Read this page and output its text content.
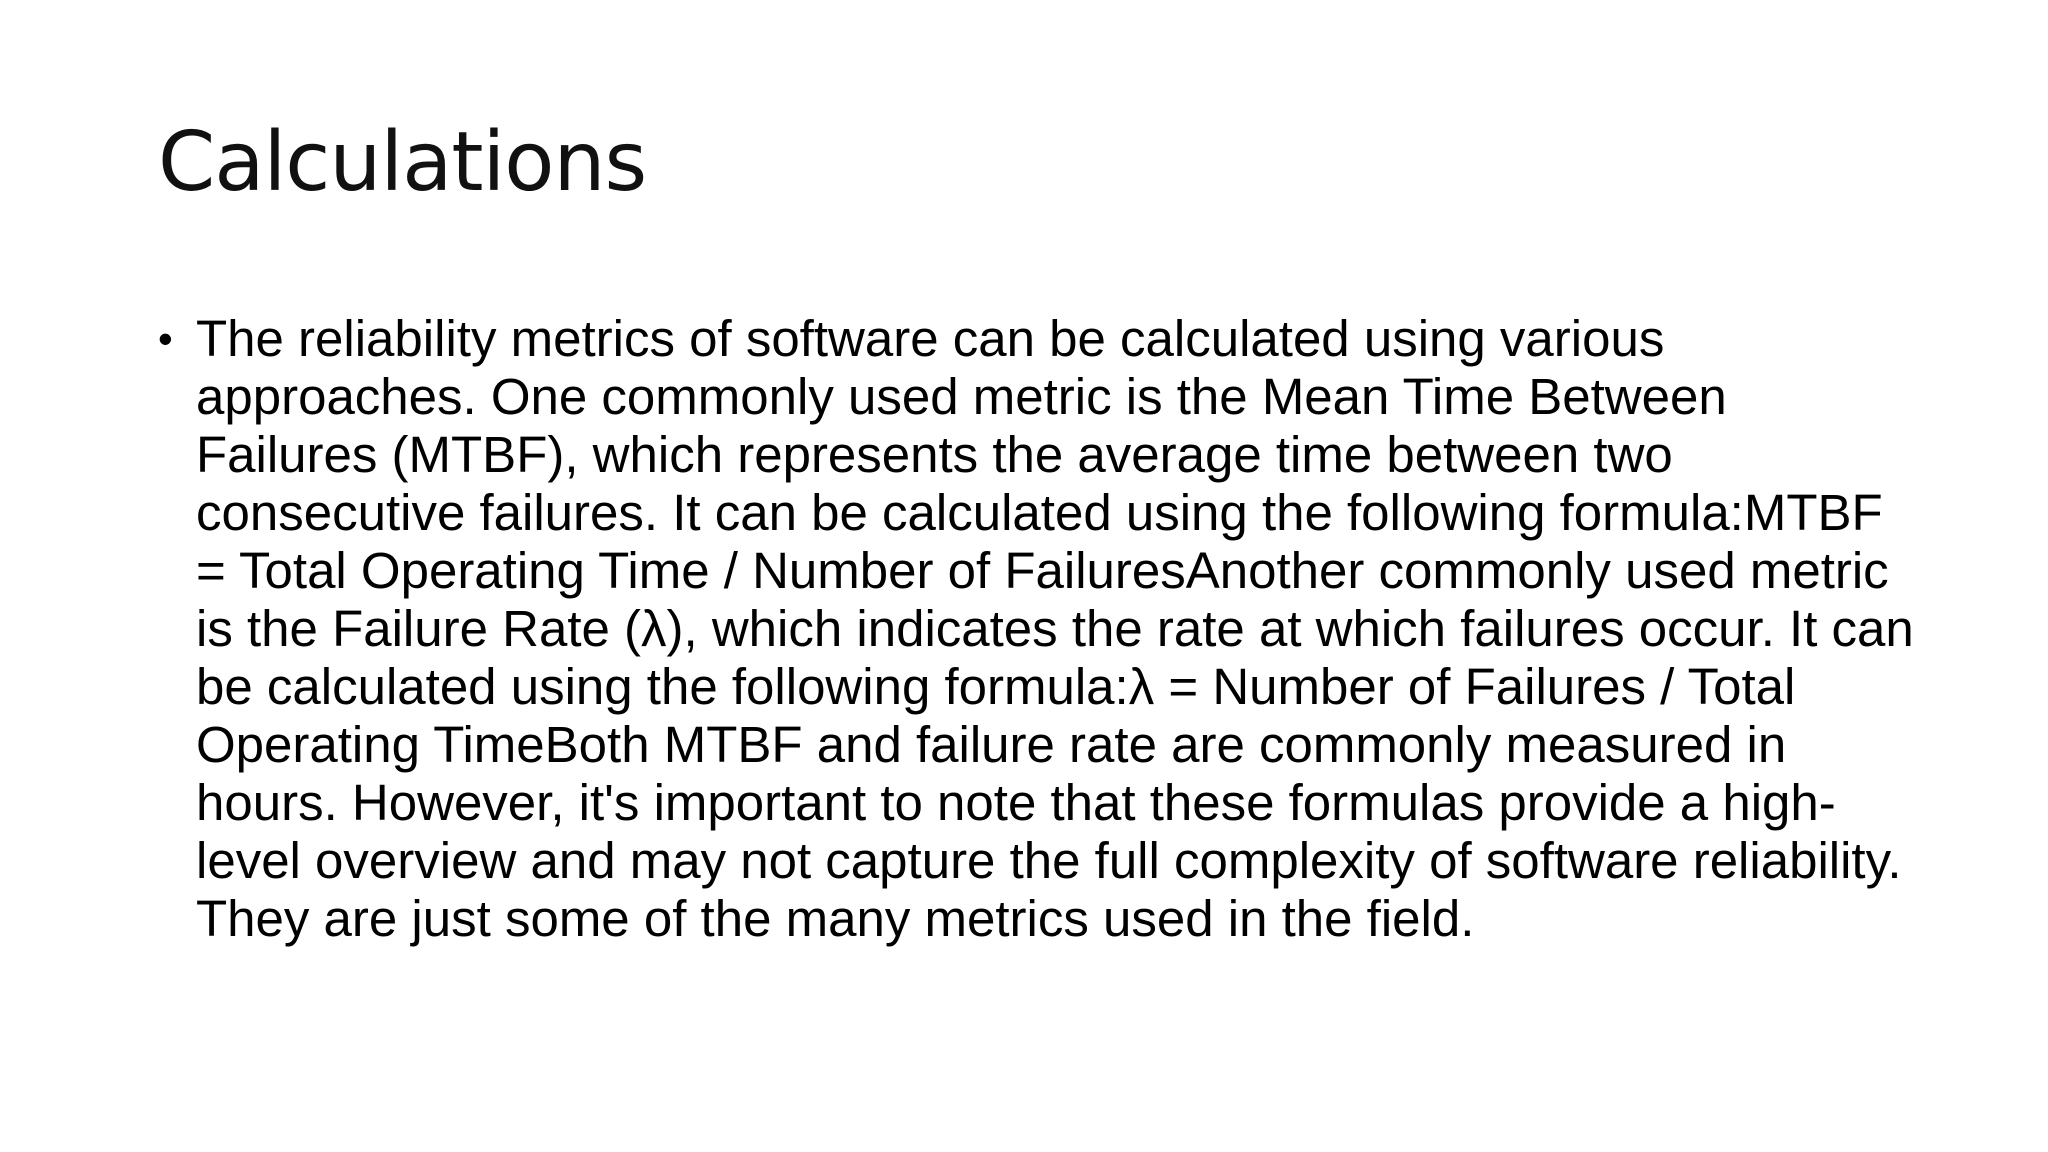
Calculations
• The reliability metrics of software can be calculated using various approaches. One commonly used metric is the Mean Time Between Failures (MTBF), which represents the average time between two consecutive failures. It can be calculated using the following formula:MTBF = Total Operating Time / Number of FailuresAnother commonly used metric is the Failure Rate (λ), which indicates the rate at which failures occur. It can be calculated using the following formula:λ = Number of Failures / Total Operating TimeBoth MTBF and failure rate are commonly measured in hours. However, it's important to note that these formulas provide a high-level overview and may not capture the full complexity of software reliability. They are just some of the many metrics used in the field.
